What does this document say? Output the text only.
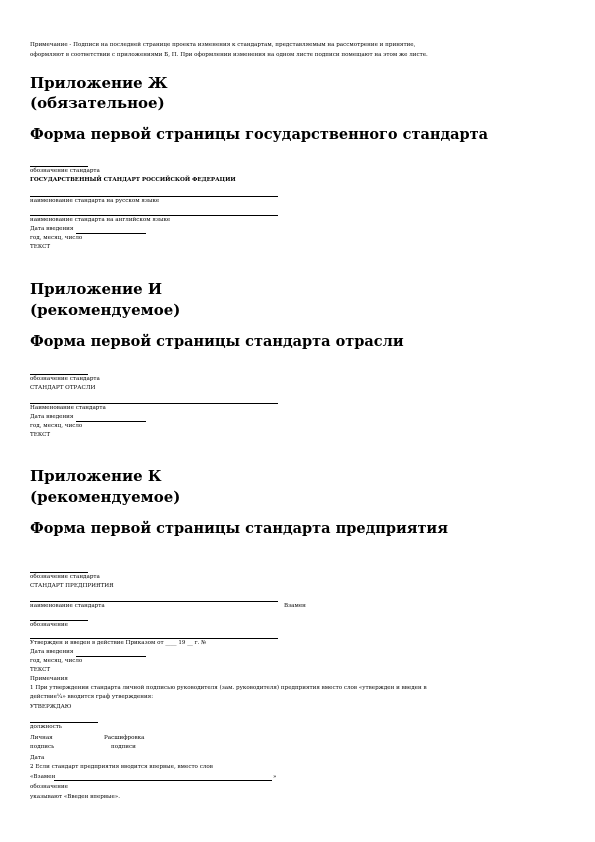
Примечание - Подписи на последней странице проекта изменения к стандартам, представляемым на рассмотрение и принятие,
оформляют в соответствии с приложениями Б, П. При оформлении изменения на одном листе подписи помещают на этом же листе.
Приложение Ж
(обязательное)
Форма первой страницы государственного стандарта
обозначение стандарта
ГОСУДАРСТВЕННЫЙ СТАНДАРТ РОССИЙСКОЙ ФЕДЕРАЦИИ
наименование стандарта на русском языке
наименование стандарта на английском языке
Дата введения
год, месяц, число
ТЕКСТ
Приложение И
(рекомендуемое)
Форма первой страницы стандарта отрасли
обозначение стандарта
СТАНДАРТ ОТРАСЛИ
Наименование стандарта
Дата введения
год, месяц, число
ТЕКСТ
Приложение К
(рекомендуемое)
Форма первой страницы стандарта предприятия
обозначение стандарта
СТАНДАРТ ПРЕДПРИЯТИЯ
наименование стандарта	Взамен
обозначение
Утвержден и введен в действие Приказом от ____ 19 __ г. №
Дата введения
год, месяц, число
ТЕКСТ
Примечания
1 При утверждении стандарта личной подписью руководителя (зам. руководителя) предприятия вместо слов «утвержден и введен в
действие¼» вводится граф утверждения:
УТВЕРЖДАЮ
должность
Личная	Расшифровка
подпись	подписи
Дата
2 Если стандарт предприятия вводится впервые, вместо слов
«Взамен	»
обозначение
указывают «Введен впервые».
